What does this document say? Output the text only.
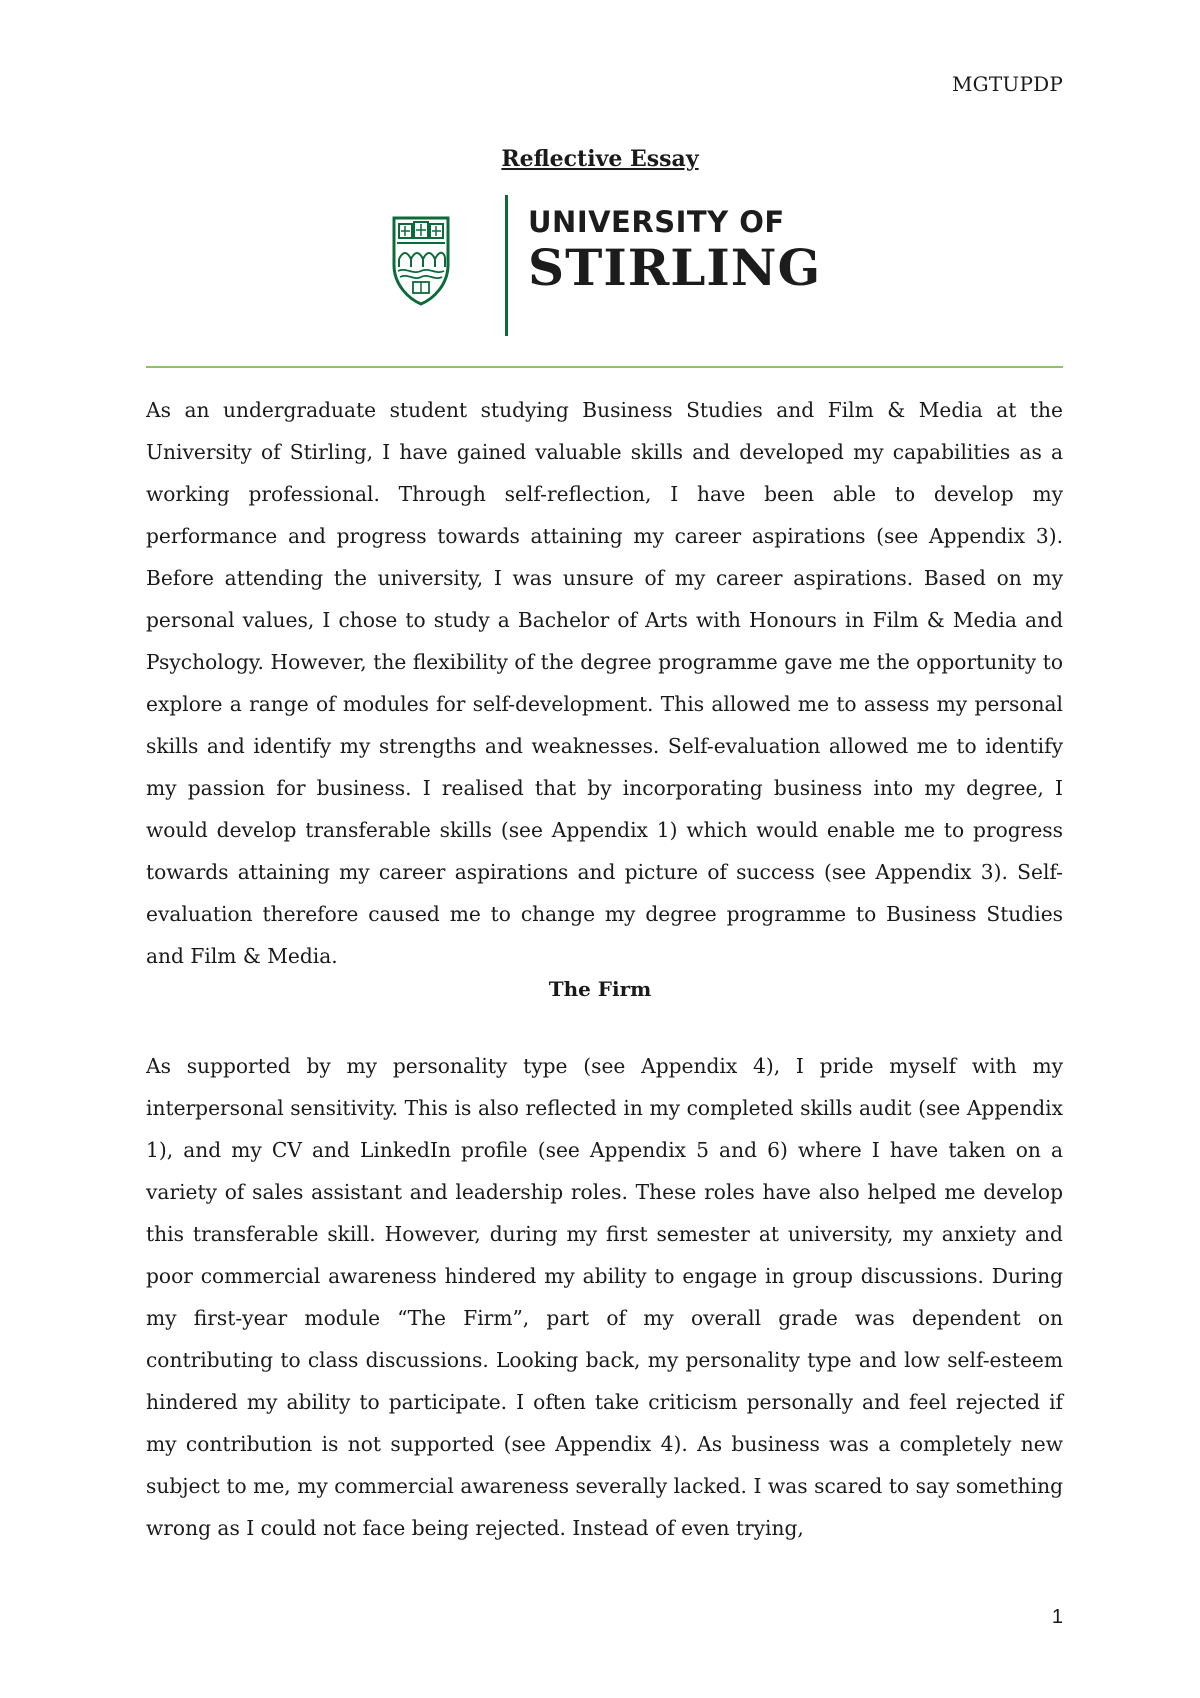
MGTUPDP
Reflective Essay
UNIVERSITY OF
STIRLING

As an undergraduate student studying Business Studies and Film & Media at the University of Stirling, I have gained valuable skills and developed my capabilities as a working professional. Through self-reflection, I have been able to develop my performance and progress towards attaining my career aspirations (see Appendix 3). Before attending the university, I was unsure of my career aspirations. Based on my personal values, I chose to study a Bachelor of Arts with Honours in Film & Media and Psychology. However, the flexibility of the degree programme gave me the opportunity to explore a range of modules for self-development. This allowed me to assess my personal skills and identify my strengths and weaknesses. Self-evaluation allowed me to identify my passion for business. I realised that by incorporating business into my degree, I would develop transferable skills (see Appendix 1) which would enable me to progress towards attaining my career aspirations and picture of success (see Appendix 3). Self-evaluation therefore caused me to change my degree programme to Business Studies and Film & Media.

The Firm

As supported by my personality type (see Appendix 4), I pride myself with my interpersonal sensitivity. This is also reflected in my completed skills audit (see Appendix 1), and my CV and LinkedIn profile (see Appendix 5 and 6) where I have taken on a variety of sales assistant and leadership roles. These roles have also helped me develop this transferable skill. However, during my first semester at university, my anxiety and poor commercial awareness hindered my ability to engage in group discussions. During my first-year module “The Firm”, part of my overall grade was dependent on contributing to class discussions. Looking back, my personality type and low self-esteem hindered my ability to participate. I often take criticism personally and feel rejected if my contribution is not supported (see Appendix 4). As business was a completely new subject to me, my commercial awareness severally lacked. I was scared to say something wrong as I could not face being rejected. Instead of even trying,

1
